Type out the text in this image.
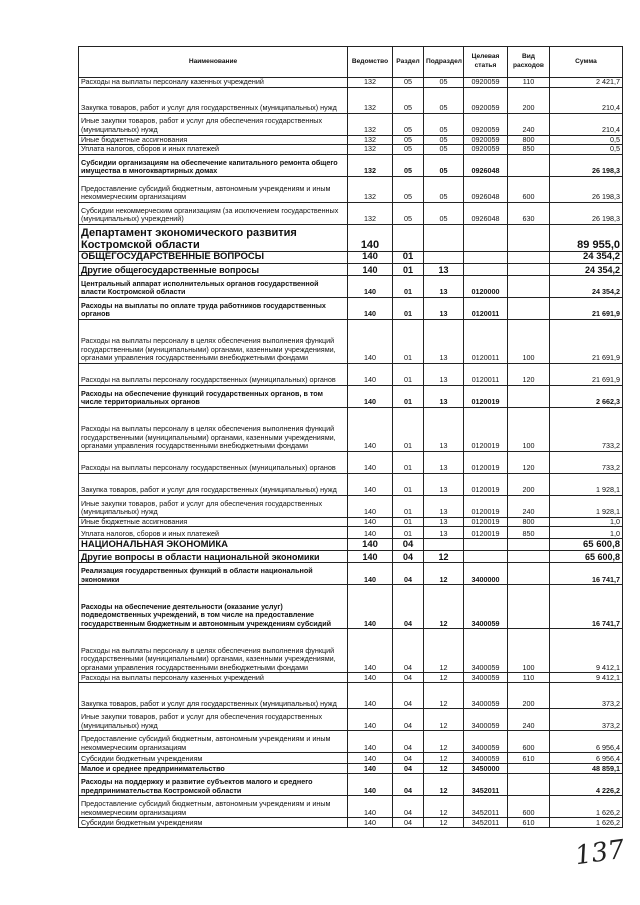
Наименование	Ведомство	Раздел	Подраздел	Целевая статья	Вид расходов	Сумма
Расходы на выплаты персоналу казенных учреждений	132	05	05	0920059	110	2 421,7
Закупка товаров, работ и услуг для государственных (муниципальных) нужд	132	05	05	0920059	200	210,4
Иные закупки товаров, работ и услуг для обеспечения государственных (муниципальных) нужд	132	05	05	0920059	240	210,4
Иные бюджетные ассигнования	132	05	05	0920059	800	0,5
Уплата налогов, сборов и иных платежей	132	05	05	0920059	850	0,5
Субсидии организациям на обеспечение капитального ремонта общего имущества в многоквартирных домах	132	05	05	0926048		26 198,3
Предоставление субсидий бюджетным, автономным учреждениям и иным некоммерческим организациям	132	05	05	0926048	600	26 198,3
Субсидии некоммерческим организациям (за исключением государственных (муниципальных) учреждений)	132	05	05	0926048	630	26 198,3
Департамент экономического развития Костромской области	140					89 955,0
ОБЩЕГОСУДАРСТВЕННЫЕ ВОПРОСЫ	140	01				24 354,2
Другие общегосударственные вопросы	140	01	13			24 354,2
Центральный аппарат исполнительных органов государственной власти Костромской области	140	01	13	0120000		24 354,2
Расходы на выплаты по оплате труда работников государственных органов	140	01	13	0120011		21 691,9
Расходы на выплаты персоналу в целях обеспечения выполнения функций государственными (муниципальными) органами, казенными учреждениями, органами управления государственными внебюджетными фондами	140	01	13	0120011	100	21 691,9
Расходы на выплаты персоналу государственных (муниципальных) органов	140	01	13	0120011	120	21 691,9
Расходы на обеспечение функций государственных органов, в том числе территориальных органов	140	01	13	0120019		2 662,3
Расходы на выплаты персоналу в целях обеспечения выполнения функций государственными (муниципальными) органами, казенными учреждениями, органами управления государственными внебюджетными фондами	140	01	13	0120019	100	733,2
Расходы на выплаты персоналу государственных (муниципальных) органов	140	01	13	0120019	120	733,2
Закупка товаров, работ и услуг для государственных (муниципальных) нужд	140	01	13	0120019	200	1 928,1
Иные закупки товаров, работ и услуг для обеспечения государственных (муниципальных) нужд	140	01	13	0120019	240	1 928,1
Иные бюджетные ассигнования	140	01	13	0120019	800	1,0
Уплата налогов, сборов и иных платежей	140	01	13	0120019	850	1,0
НАЦИОНАЛЬНАЯ ЭКОНОМИКА	140	04				65 600,8
Другие вопросы в области национальной экономики	140	04	12			65 600,8
Реализация государственных функций в области национальной экономики	140	04	12	3400000		16 741,7
Расходы на обеспечение деятельности (оказание услуг) подведомственных учреждений, в том числе на предоставление государственным бюджетным и автономным учреждениям субсидий	140	04	12	3400059		16 741,7
Расходы на выплаты персоналу в целях обеспечения выполнения функций государственными (муниципальными) органами, казенными учреждениями, органами управления государственными внебюджетными фондами	140	04	12	3400059	100	9 412,1
Расходы на выплаты персоналу казенных учреждений	140	04	12	3400059	110	9 412,1
Закупка товаров, работ и услуг для государственных (муниципальных) нужд	140	04	12	3400059	200	373,2
Иные закупки товаров, работ и услуг для обеспечения государственных (муниципальных) нужд	140	04	12	3400059	240	373,2
Предоставление субсидий бюджетным, автономным учреждениям и иным некоммерческим организациям	140	04	12	3400059	600	6 956,4
Субсидии бюджетным учреждениям	140	04	12	3400059	610	6 956,4
Малое и среднее предпринимательство	140	04	12	3450000		48 859,1
Расходы на поддержку и развитие субъектов малого и среднего предпринимательства Костромской области	140	04	12	3452011		4 226,2
Предоставление субсидий бюджетным, автономным учреждениям и иным некоммерческим организациям	140	04	12	3452011	600	1 626,2
Субсидии бюджетным учреждениям	140	04	12	3452011	610	1 626,2
137
